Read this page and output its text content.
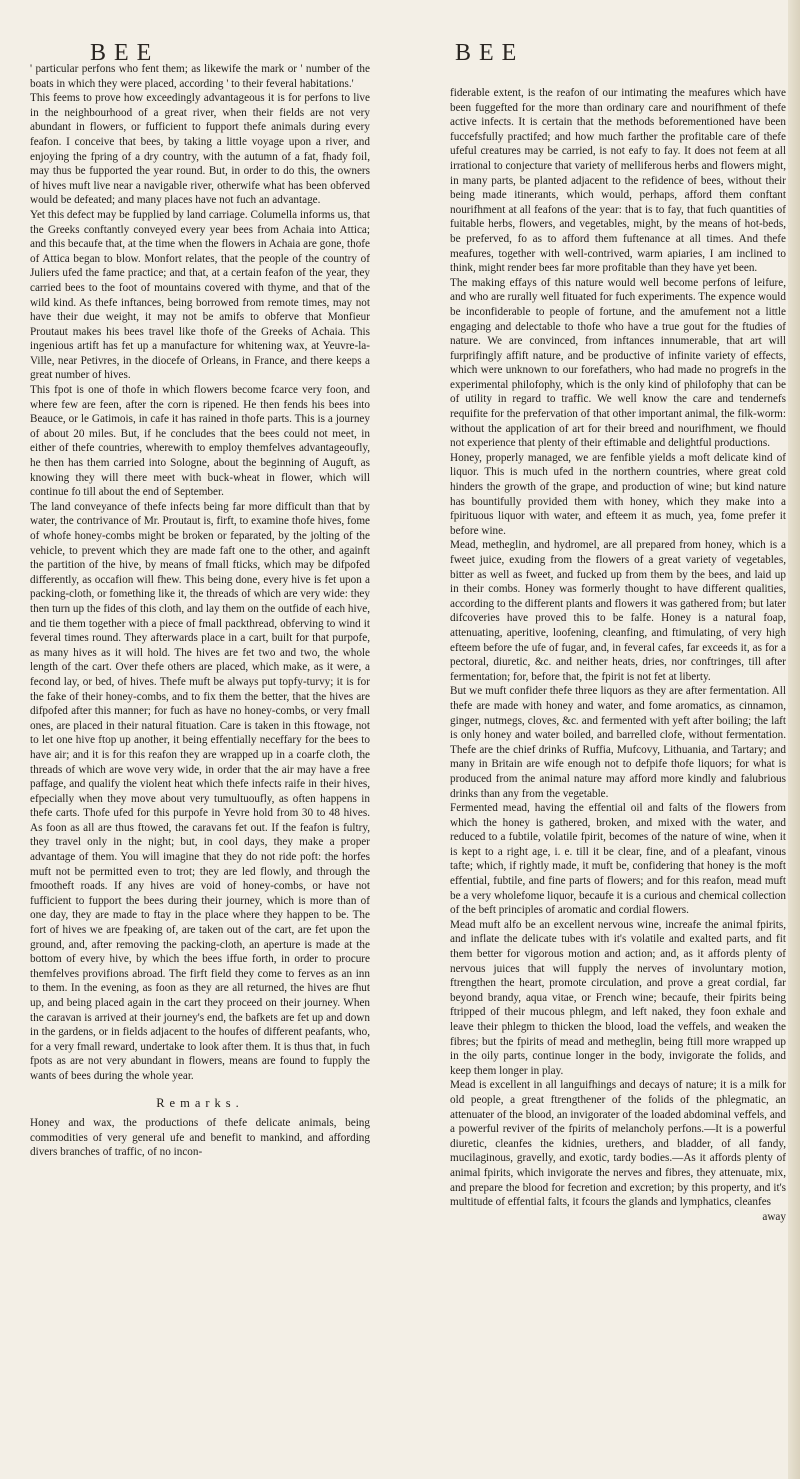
BEE	BEE

' particular perfons who fent them; as likewife the mark or ' number of the boats in which they were placed, according ' to their feveral habitations.'

This feems to prove how exceedingly advantageous it is for perfons to live in the neighbourhood of a great river, when their fields are not very abundant in flowers, or fufficient to fupport thefe animals during every feafon. I conceive that bees, by taking a little voyage upon a river, and enjoying the fpring of a dry country, with the autumn of a fat, fhady foil, may thus be fupported the year round. But, in order to do this, the owners of hives muft live near a navigable river, otherwife what has been obferved would be defeated; and many places have not fuch an advantage.

Yet this defect may be fupplied by land carriage. Columella informs us, that the Greeks conftantly conveyed every year bees from Achaia into Attica; and this becaufe that, at the time when the flowers in Achaia are gone, thofe of Attica began to blow. Monfort relates, that the people of the country of Juliers ufed the fame practice; and that, at a certain feafon of the year, they carried bees to the foot of mountains covered with thyme, and that of the wild kind. As thefe inftances, being borrowed from remote times, may not have their due weight, it may not be amifs to obferve that Monfieur Proutaut makes his bees travel like thofe of the Greeks of Achaia. This ingenious artift has fet up a manufacture for whitening wax, at Yeuvre-la-Ville, near Petivres, in the diocefe of Orleans, in France, and there keeps a great number of hives.

This fpot is one of thofe in which flowers become fcarce very foon, and where few are feen, after the corn is ripened. He then fends his bees into Beauce, or le Gatimois, in cafe it has rained in thofe parts. This is a journey of about 20 miles. But, if he concludes that the bees could not meet, in either of thefe countries, wherewith to employ themfelves advantageoufly, he then has them carried into Sologne, about the beginning of Auguft, as knowing they will there meet with buck-wheat in flower, which will continue fo till about the end of September.

The land conveyance of thefe infects being far more difficult than that by water, the contrivance of Mr. Proutaut is, firft, to examine thofe hives, fome of whofe honey-combs might be broken or feparated, by the jolting of the vehicle, to prevent which they are made faft one to the other, and againft the partition of the hive, by means of fmall fticks, which may be difpofed differently, as occafion will fhew. This being done, every hive is fet upon a packing-cloth, or fomething like it, the threads of which are very wide: they then turn up the fides of this cloth, and lay them on the outfide of each hive, and tie them together with a piece of fmall packthread, obferving to wind it feveral times round. They afterwards place in a cart, built for that purpofe, as many hives as it will hold. The hives are fet two and two, the whole length of the cart. Over thefe others are placed, which make, as it were, a fecond lay, or bed, of hives. Thefe muft be always put topfy-turvy; it is for the fake of their honey-combs, and to fix them the better, that the hives are difpofed after this manner; for fuch as have no honey-combs, or very fmall ones, are placed in their natural fituation. Care is taken in this ftowage, not to let one hive ftop up another, it being effentially neceffary for the bees to have air; and it is for this reafon they are wrapped up in a coarfe cloth, the threads of which are wove very wide, in order that the air may have a free paffage, and qualify the violent heat which thefe infects raife in their hives, efpecially when they move about very tumultuoufly, as often happens in thefe carts. Thofe ufed for this purpofe in Yevre hold from 30 to 48 hives. As foon as all are thus ftowed, the caravans fet out. If the feafon is fultry, they travel only in the night; but, in cool days, they make a proper advantage of them. You will imagine that they do not ride poft: the horfes muft not be permitted even to trot; they are led flowly, and through the fmootheft roads. If any hives are void of honey-combs, or have not fufficient to fupport the bees during their journey, which is more than of one day, they are made to ftay in the place where they happen to be. The fort of hives we are fpeaking of, are taken out of the cart, are fet upon the ground, and, after removing the packing-cloth, an aperture is made at the bottom of every hive, by which the bees iffue forth, in order to procure themfelves provifions abroad. The firft field they come to ferves as an inn to them. In the evening, as foon as they are all returned, the hives are fhut up, and being placed again in the cart they proceed on their journey. When the caravan is arrived at their journey's end, the bafkets are fet up and down in the gardens, or in fields adjacent to the houfes of different peafants, who, for a very fmall reward, undertake to look after them. It is thus that, in fuch fpots as are not very abundant in flowers, means are found to fupply the wants of bees during the whole year.

Remarks.

Honey and wax, the productions of thefe delicate animals, being commodities of very general ufe and benefit to mankind, and affording divers branches of traffic, of no incon-

fiderable extent, is the reafon of our intimating the meafures which have been fuggefted for the more than ordinary care and nourifhment of thefe active infects. It is certain that the methods beforementioned have been fuccefsfully practifed; and how much farther the profitable care of thefe ufeful creatures may be carried, is not eafy to fay. It does not feem at all irrational to conjecture that variety of melliferous herbs and flowers might, in many parts, be planted adjacent to the refidence of bees, without their being made itinerants, which would, perhaps, afford them conftant nourifhment at all feafons of the year: that is to fay, that fuch quantities of fuitable herbs, flowers, and vegetables, might, by the means of hot-beds, be preferved, fo as to afford them fuftenance at all times. And thefe meafures, together with well-contrived, warm apiaries, I am inclined to think, might render bees far more profitable than they have yet been.

The making effays of this nature would well become perfons of leifure, and who are rurally well fituated for fuch experiments. The expence would be inconfiderable to people of fortune, and the amufement not a little engaging and delectable to thofe who have a true gout for the ftudies of nature. We are convinced, from inftances innumerable, that art will furprifingly affift nature, and be productive of infinite variety of effects, which were unknown to our forefathers, who had made no progrefs in the experimental philofophy, which is the only kind of philofophy that can be of utility in regard to traffic. We well know the care and tendernefs requifite for the prefervation of that other important animal, the filk-worm: without the application of art for their breed and nourifhment, we fhould not experience that plenty of their eftimable and delightful productions.

Honey, properly managed, we are fenfible yields a moft delicate kind of liquor. This is much ufed in the northern countries, where great cold hinders the growth of the grape, and production of wine; but kind nature has bountifully provided them with honey, which they make into a fpirituous liquor with water, and efteem it as much, yea, fome prefer it before wine.

Mead, metheglin, and hydromel, are all prepared from honey, which is a fweet juice, exuding from the flowers of a great variety of vegetables, bitter as well as fweet, and fucked up from them by the bees, and laid up in their combs. Honey was formerly thought to have different qualities, according to the different plants and flowers it was gathered from; but later difcoveries have proved this to be falfe. Honey is a natural foap, attenuating, aperitive, loofening, cleanfing, and ftimulating, of very high efteem before the ufe of fugar, and, in feveral cafes, far exceeds it, as for a pectoral, diuretic, &c. and neither heats, dries, nor conftringes, till after fermentation; for, before that, the fpirit is not fet at liberty.

But we muft confider thefe three liquors as they are after fermentation. All thefe are made with honey and water, and fome aromatics, as cinnamon, ginger, nutmegs, cloves, &c. and fermented with yeft after boiling; the laft is only honey and water boiled, and barrelled clofe, without fermentation. Thefe are the chief drinks of Ruffia, Mufcovy, Lithuania, and Tartary; and many in Britain are wife enough not to defpife thofe liquors; for what is produced from the animal nature may afford more kindly and falubrious drinks than any from the vegetable.

Fermented mead, having the effential oil and falts of the flowers from which the honey is gathered, broken, and mixed with the water, and reduced to a fubtile, volatile fpirit, becomes of the nature of wine, when it is kept to a right age, i. e. till it be clear, fine, and of a pleafant, vinous tafte; which, if rightly made, it muft be, confidering that honey is the moft effential, fubtile, and fine parts of flowers; and for this reafon, mead muft be a very wholefome liquor, becaufe it is a curious and chemical collection of the beft principles of aromatic and cordial flowers.

Mead muft alfo be an excellent nervous wine, increafe the animal fpirits, and inflate the delicate tubes with it's volatile and exalted parts, and fit them better for vigorous motion and action; and, as it affords plenty of nervous juices that will fupply the nerves of involuntary motion, ftrengthen the heart, promote circulation, and prove a great cordial, far beyond brandy, aqua vitae, or French wine; becaufe, their fpirits being ftripped of their mucous phlegm, and left naked, they foon exhale and leave their phlegm to thicken the blood, load the veffels, and weaken the fibres; but the fpirits of mead and metheglin, being ftill more wrapped up in the oily parts, continue longer in the body, invigorate the folids, and keep them longer in play.

Mead is excellent in all languifhings and decays of nature; it is a milk for old people, a great ftrengthener of the folids of the phlegmatic, an attenuater of the blood, an invigorater of the loaded abdominal veffels, and a powerful reviver of the fpirits of melancholy perfons.—It is a powerful diuretic, cleanfes the kidnies, urethers, and bladder, of all fandy, mucilaginous, gravelly, and exotic, tardy bodies.—As it affords plenty of animal fpirits, which invigorate the nerves and fibres, they attenuate, mix, and prepare the blood for fecretion and excretion; by this property, and it's multitude of effential falts, it fcours the glands and lymphatics, cleanfes

away
